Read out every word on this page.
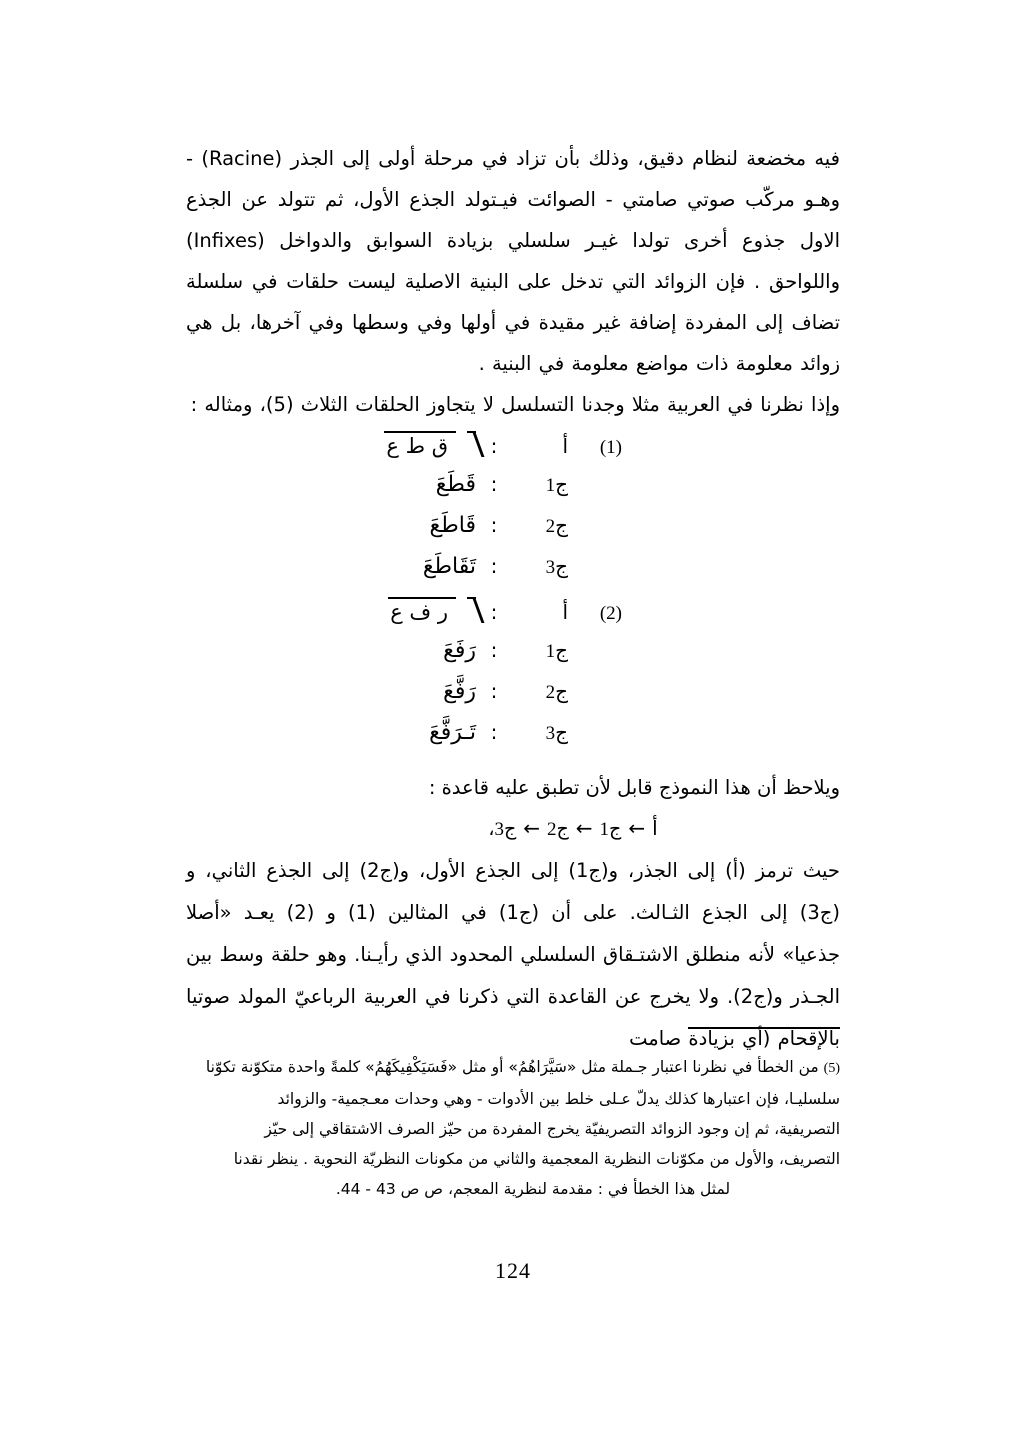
فيه مخضعة لنظام دقيق، وذلك بأن تزاد في مرحلة أولى إلى الجذر (Racine) - وهـو مركّب صوتي صامتي - الصوائت فيـتولد الجذع الأول، ثم تتولد عن الجذع الاول جذوع أخرى تولدا غيـر سلسلي بزيادة السوابق والدواخل (Infixes) واللواحق . فإن الزوائد التي تدخل على البنية الاصلية ليست حلقات في سلسلة تضاف إلى المفردة إضافة غير مقيدة في أولها وفي وسطها وفي آخرها، بل هي زوائد معلومة ذات مواضع معلومة في البنية .

وإذا نظرنا في العربية مثلا وجدنا التسلسل لا يتجاوز الحلقات الثلاث (5)، ومثاله :

(1)
أ
:
ق ط ع
ج1
:
قَطَعَ
ج2
:
قَاطَعَ
ج3
:
تَقَاطَعَ
(2)
أ
:
ر ف ع
ج1
:
رَفَعَ
ج2
:
رَفَّعَ
ج3
:
تَـرَفَّعَ

ويلاحظ أن هذا النموذج قابل لأن تطبق عليه قاعدة :

أ←ج1←ج2←ج3،

حيث ترمز (أ) إلى الجذر، و(ج1) إلى الجذع الأول، و(ج2) إلى الجذع الثاني، و (ج3) إلى الجذع الثـالث. على أن (ج1) في المثالين (1) و (2) يعـد «أصلا جذعيا» لأنه منطلق الاشتـقاق السلسلي المحدود الذي رأيـنا. وهو حلقة وسط بين الجـذر و(ج2). ولا يخرج عن القاعدة التي ذكرنا في العربية الرباعيّ المولد صوتيا بالإقحام (أي بزيادة صامت

(5) من الخطأ في نظرنا اعتبار جـملة مثل «سَيَّرَاهُمُ» أو مثل «فَسَيَكْفِيكَهُمُ» كلمةً واحدة متكوّنة تكوّنا

سلسليـا، فإن اعتبارها كذلك يدلّ عـلى خلط بين الأدوات - وهي وحدات معـجمية- والزوائد

التصريفية، ثم إن وجود الزوائد التصريفيّة يخرج المفردة من حيّز الصرف الاشتقاقي إلى حيّز

التصريف، والأول من مكوّنات النظرية المعجمية والثاني من مكونات النظريّة النحوية . ينظر نقدنا

لمثل هذا الخطأ في : مقدمة لنظرية المعجم، ص ص 43 - 44.

124
